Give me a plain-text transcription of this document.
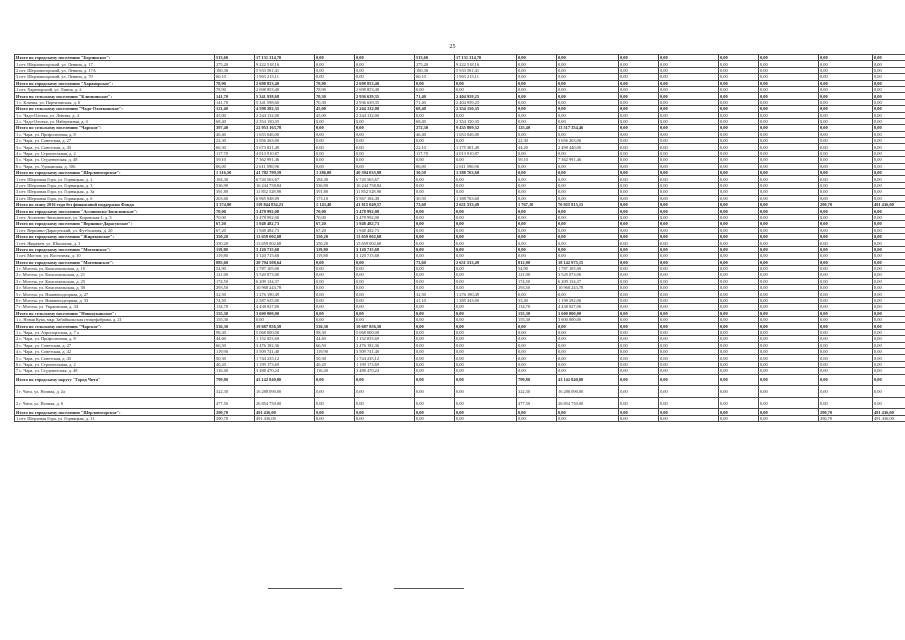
25
Итого по городскому поселению "Борзинское":	515,60	17 131 314,70	0,00	0,00	515,60	17 131 314,70	0,00	0,00	0,00	0,00	0,00	0,00	0,00	0,00
1 пгт. Шерловогорский, ул. Ленина, д. 17	275,20	9 222 518,16	0,00	0,00	275,20	9 222 518,16	0,00	0,00	0,00	0,00	0,00	0,00	0,00	0,00
2 пгт. Шерловогорский, ул. Ленина, д. 17А	180,30	5 933 581,41	0,00	0,00	180,30	5 933 581,41	0,00	0,00	0,00	0,00	0,00	0,00	0,00	0,00
3 пгт. Шерловогорский, ул. Ленина, д. 70	60,10	1 963 215,11	0,00	0,00	60,10	1 963 215,11	0,00	0,00	0,00	0,00	0,00	0,00	0,00	0,00
Итого по городскому поселению "Харанорское":	78,90	2 698 853,40	78,90	2 698 853,40	0,00	0,00	0,00	0,00	0,00	0,00	0,00	0,00	0,00	0,00
1 пгт. Харанорский, ул. Линия, д. 2	78,90	2 698 853,40	78,90	2 698 853,40	0,00	0,00	0,00	0,00	0,00	0,00	0,00	0,00	0,00	0,00
Итого по сельскому поселению "Кличкинское":	141,70	5 341 938,68	70,30	2 936 639,35	71,40	2 404 959,25	0,00	0,00	0,00	0,00	0,00	0,00	0,00	0,00
1 с. Кличка, ул. Партизанская, д. 6	141,70	5 341 598,60	70,30	2 936 639,35	71,40	2 404 959,25	0,00	0,00	0,00	0,00	0,00	0,00	0,00	0,00
Итого по сельскому поселению "Чадо-Олоткинское":	113,40	4 598 282,35	45,00	2 244 132,00	68,40	2 354 150,35	0,00	0,00	0,00	0,00	0,00	0,00	0,00	0,00
1 с. Чадо-Олотка, ул. Ленина, д. 4	45,00	2 244 132,00	45,00	2 244 132,00	0,00	0,00	0,00	0,00	0,00	0,00	0,00	0,00	0,00	0,00
2 с. Чадо-Олотка, ул. Набережная, д. 4	68,40	2 354 150,35	0,00	0,00	68,40	2 354 150,35	0,00	0,00	0,00	0,00	0,00	0,00	0,00	0,00
Итого по сельскому поселению "Чарское":	397,40	22 953 163,78	0,00	0,00	272,30	9 435 809,32	125,40	13 517 354,46	0,00	0,00	0,00	0,00	0,00	0,00
1 с. Чара, ул. Профсоюзная, д. 8	46,40	1 653 046,00	0,00	0,00	46,40	1 653 046,00	0,00	0,00	0,00	0,00	0,00	0,00	0,00	0,00
2 с. Чара, ул. Советская, д. 27	22,30	3 656 263,00	0,00	0,00	0,00	0,00	22,30	3 656 263,00	0,00	0,00	0,00	0,00	0,00	0,00
3 с. Чара, ул. Советская, д. 45	66,30	3 673 821,49	0,00	0,00	22,10	1 175 381,49	44,20	2 498 440,00	0,00	0,00	0,00	0,00	0,00	0,00
4 с. Чара, ул. Строительная, д. 2	117,70	4 013 910,87	0,00	0,00	117,70	4 013 910,87	0,00	0,00	0,00	0,00	0,00	0,00	0,00	0,00
5 с. Чара, ул. Студенческая, д. 48	59,10	7 362 991,46	0,00	0,00	0,00	0,00	59,10	7 362 991,46	0,00	0,00	0,00	0,00	0,00	0,00
6 с. Чара, ул. Удоканская, д. 106	86,00	2 611 590,96	0,00	0,00	86,00	2 611 590,96	0,00	0,00	0,00	0,00	0,00	0,00	0,00	0,00
Итого по городскому поселению "Шерловогорское":	1 316,50	41 782 799,59	1 286,00	40 394 035,98	30,50	1 388 763,60	0,00	0,00	0,00	0,00	0,00	0,00	0,00	0,00
1 пгт. Шерловая Гора, ул. Горняцкая, д. 2	184,30	6 720 563,67	184,30	6 720 563,67	0,00	0,00	0,00	0,00	0,00	0,00	0,00	0,00	0,00	0,00
2 пгт. Шерловая Гора, ул. Горняцкая, д. 3	536,90	16 244 758,84	536,90	16 244 758,84	0,00	0,00	0,00	0,00	0,00	0,00	0,00	0,00	0,00	0,00
3 пгт. Шерловая Гора, ул. Горняцкая, д. 3а	391,80	11 852 528,98	391,80	11 852 528,98	0,00	0,00	0,00	0,00	0,00	0,00	0,00	0,00	0,00	0,00
4 пгт. Шерловая Гора, ул. Горняцкая, д. 6	203,60	6 965 948,09	173,10	5 567 184,49	30,50	1 388 763,60	0,00	0,00	0,00	0,00	0,00	0,00	0,00	0,00
Итого по этапу 2016 года без финансовой поддержки Фонда	3 374,80	119 844 834,23	1 143,40	41 815 049,57	73,60	2 651 533,49	1 767,10	70 925 815,15	0,00	0,00	0,00	0,00	290,70	491 436,00
Итого по городскому поселению "Ассиновско-Зюльзинское":	70,00	3 478 992,00	70,00	3 478 992,00	0,00	0,00	0,00	0,00	0,00	0,00	0,00	0,00	0,00	0,00
1 пгт. Ассиново-Зюльзинское, ул. Кировская-1, д. 5	70,00	3 478 992,00	70,00	3 478 992,00	0,00	0,00	0,00	0,00	0,00	0,00	0,00	0,00	0,00	0,00
Итого по городскому поселению "Вершино-Дарасунское":	67,20	1 948 482,73	67,20	1 948 482,73	0,00	0,00	0,00	0,00	0,00	0,00	0,00	0,00	0,00	0,00
1 пгт. Вершино-Дарасунский, ул. Футбольная, д. 20	67,20	1 948 482,73	67,20	1 948 482,73	0,00	0,00	0,00	0,00	0,00	0,00	0,00	0,00	0,00	0,00
Итого по городскому поселению "Жирекенское":	350,20	13 659 002,68	350,20	13 659 002,68	0,00	0,00	0,00	0,00	0,00	0,00	0,00	0,00	0,00	0,00
1 пгт. Жирекен, ул. Школьная, д. 3	350,20	13 659 002,68	350,20	13 659 002,68	0,00	0,00	0,00	0,00	0,00	0,00	0,00	0,00	0,00	0,00
Итого по городскому поселению "Могзонское":	119,80	3 120 715,68	119,80	3 120 715,68	0,00	0,00	0,00	0,00	0,00	0,00	0,00	0,00	0,00	0,00
1 пгт. Могзон, ул. Восточная, д. 10	119,80	3 120 715,68	119,80	3 120 715,68	0,00	0,00	0,00	0,00	0,00	0,00	0,00	0,00	0,00	0,00
Итого по городскому поселению "Могочинское":	885,60	20 794 508,64	0,00	0,00	73,60	2 651 533,49	812,00	18 142 975,15	0,00	0,00	0,00	0,00	0,00	0,00
1 г. Могоча, ул. Комсомольская, д. 10	54,90	1 787 105,00	0,00	0,00	0,00	0,00	54,90	1 787 105,00	0,00	0,00	0,00	0,00	0,00	0,00
2 г. Могоча, ул. Комсомольская, д. 21	121,00	3 520 073,00	0,00	0,00	0,00	0,00	121,00	3 520 073,00	0,00	0,00	0,00	0,00	0,00	0,00
3 г. Могоча, ул. Комсомольская, д. 25	174,50	6 209 134,37	0,00	0,00	0,00	0,00	174,50	6 209 134,37	0,00	0,00	0,00	0,00	0,00	0,00
4 г. Могоча, ул. Комсомольская, д. 30	293,50	10 968 243,78	0,00	0,00	0,00	0,00	293,50	10 968 243,78	0,00	0,00	0,00	0,00	0,00	0,00
5 г. Могоча, ул. Нижнеподгорная, д. 27	32,50	1 276 190,49	0,00	0,00	32,50	1 276 190,49	0,00	0,00	0,00	0,00	0,00	0,00	0,00	0,00
6 г. Могоча, ул. Нижнеподгорная, д. 33	74,50	2 587 635,00	0,00	0,00	41,10	1 385 343,00	33,40	1 198 292,00	0,00	0,00	0,00	0,00	0,00	0,00
7 г. Могоча, ул. Украинская, д. 34	134,70	4 438 027,00	0,00	0,00	0,00	0,00	134,70	4 438 027,00	0,00	0,00	0,00	0,00	0,00	0,00
Итого по сельскому поселению "Новокукинское":	155,30	3 600 000,00	0,00	0,00	0,00	0,00	155,30	3 600 000,00	0,00	0,00	0,00	0,00	0,00	0,00
1 с. Новая Кука, мкр. Забайкальская птицефабрика, д. 21	155,30	0,00	0,00	0,00	0,00	0,00	155,30	3 600 000,00	0,00	0,00	0,00	0,00	0,00	0,00
Итого по сельскому поселению "Чарское":	536,30	19 687 856,58	536,30	19 687 856,58	0,00	0,00	0,00	0,00	0,00	0,00	0,00	0,00	0,00	0,00
1 с. Чара, ул. Аэропортская, д. 7 а	98,30	5 068 000,00	98,30	5 068 000,00	0,00	0,00	0,00	0,00	0,00	0,00	0,00	0,00	0,00	0,00
2 с. Чара, ул. Профсоюзная, д. 8	44,60	1 152 053,69	44,60	1 152 053,69	0,00	0,00	0,00	0,00	0,00	0,00	0,00	0,00	0,00	0,00
3 с. Чара, ул. Советская, д. 27	66,50	3 476 182,36	66,50	3 476 182,36	0,00	0,00	0,00	0,00	0,00	0,00	0,00	0,00	0,00	0,00
4 с. Чара, ул. Советская, д. 42	119,90	3 509 741,40	119,90	3 509 741,40	0,00	0,00	0,00	0,00	0,00	0,00	0,00	0,00	0,00	0,00
5 с. Чара, ул. Советская, д. 45	50,30	1 744 235,12	50,30	1 744 235,12	0,00	0,00	0,00	0,00	0,00	0,00	0,00	0,00	0,00	0,00
6 с. Чара, ул. Строительная, д. 2	40,20	1 199 173,69	40,20	1 199 173,69	0,00	0,00	0,00	0,00	0,00	0,00	0,00	0,00	0,00	0,00
7 с. Чара, ул. Студенческая, д. 48	116,40	3 488 470,24	116,40	3 488 470,24	0,00	0,00	0,00	0,00	0,00	0,00	0,00	0,00	0,00	0,00
Итого по городскому округу "Город Чита"	799,80	43 142 840,00	0,00	0,00	0,00	0,00	799,80	43 142 840,00	0,00	0,00	0,00	0,00	0,00	0,00
1 г. Чита, ул. Ночная, д. 2а	322,30	16 288 090,00	0,00	0,00	0,00	0,00	322,30	16 288 090,00	0,00	0,00	0,00	0,00	0,00	0,00
2 г. Чита, ул. Ночная, д. 6	477,50	26 854 750,00	0,00	0,00	0,00	0,00	477,50	26 854 750,00	0,00	0,00	0,00	0,00	0,00	0,00
Итого по городскому поселению "Шерловогорское":	290,70	491 436,00	0,00	0,00	0,00	0,00	0,00	0,00	0,00	0,00	0,00	0,00	290,70	491 436,00
1 пгт. Шерловая Гора, ул. Горняцкая, д. 11	290,70	491 436,00	0,00	0,00	0,00	0,00	0,00	0,00	0,00	0,00	0,00	0,00	290,70	491 436,00
